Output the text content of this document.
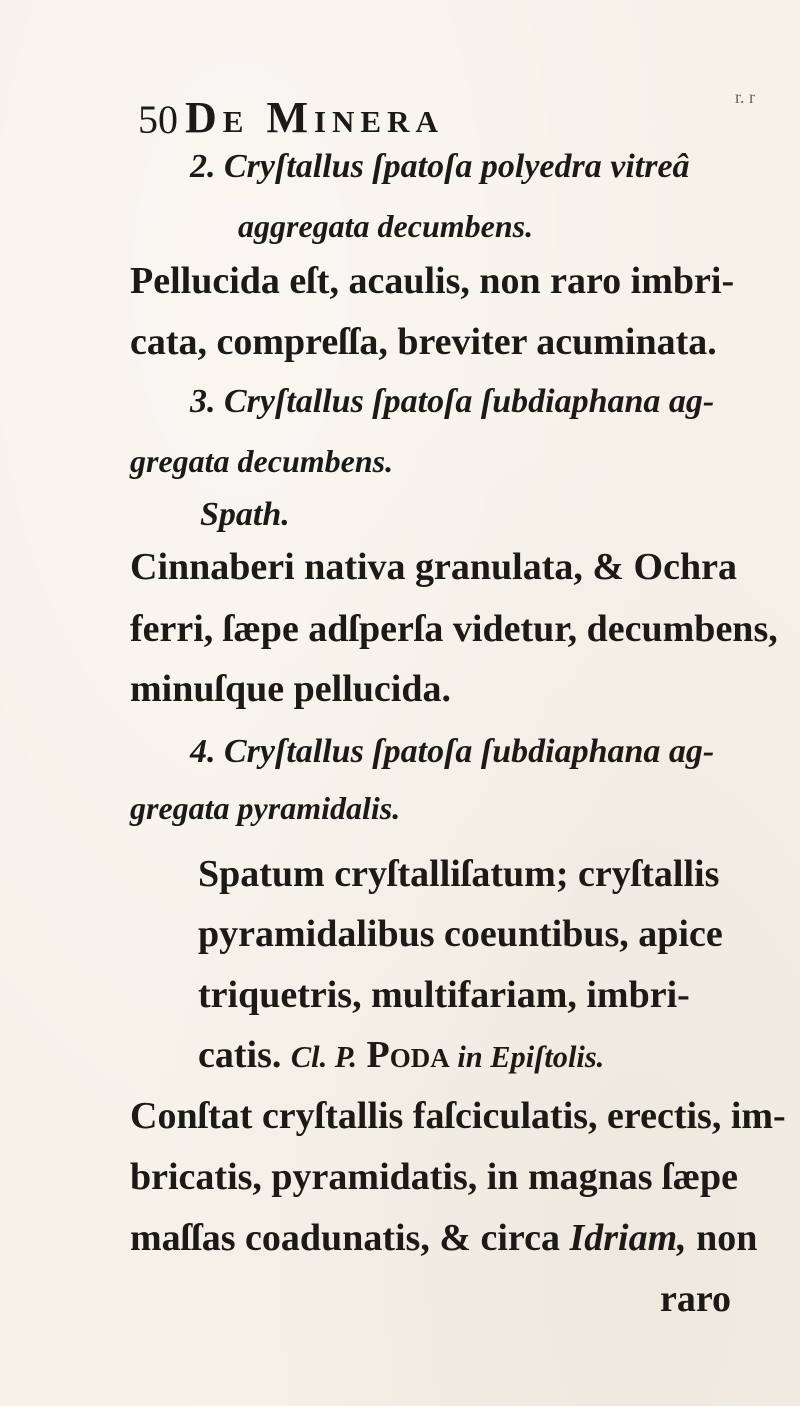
50 De Minera	r. r
2. Cryſtallus ſpatoſa polyedra vitreâ
aggregata decumbens.
Pellucida eſt, acaulis, non raro imbri-
cata, compreſſa, breviter acuminata.
3. Cryſtallus ſpatoſa ſubdiaphana ag-
gregata decumbens.
Spath.
Cinnaberi nativa granulata, & Ochra
ferri, ſæpe adſperſa videtur, decumbens,
minuſque pellucida.
4. Cryſtallus ſpatoſa ſubdiaphana ag-
gregata pyramidalis.
Spatum cryſtalliſatum; cryſtallis
pyramidalibus coeuntibus, apice
triquetris, multifariam, imbri-
catis. Cl. P. Poda in Epiſtolis.
Conſtat cryſtallis faſciculatis, erectis, im-
bricatis, pyramidatis, in magnas ſæpe
maſſas coadunatis, & circa Idriam, non
raro
